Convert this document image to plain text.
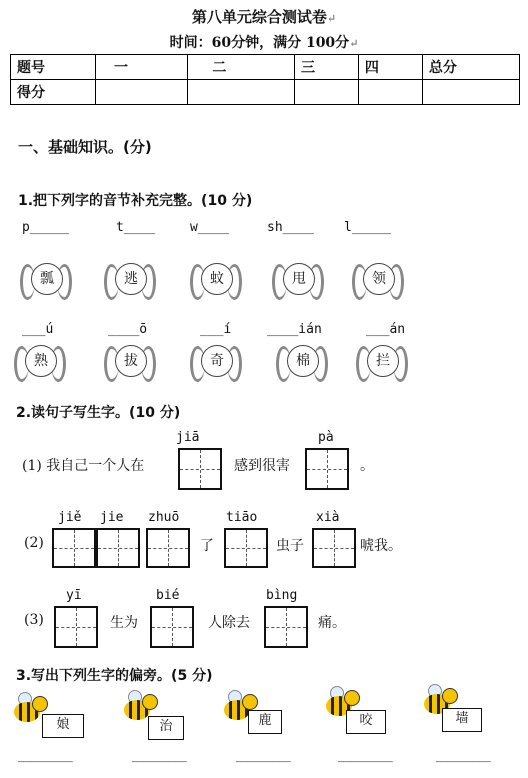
第八单元综合测试卷↵
时间：60分钟，满分 100分↵
题号	一	二	三	四	总分
得分					
一、基础知识。(分)
1.把下列字的音节补充完整。(10 分)
p_____	t____	w____	sh____ l_____
瓢	逃	蚊	甩	领
___ú	____ō	___í	____ián	___án
熟	拔	奇	棉	拦
2.读句子写生字。(10 分)
jiā	pà
(1) 我自己一个人在	感到很害	。
jiě jie zhuō	tiāo	xià
(2)	了	虫子	唬我。
yī	bié	bìng
(3)	生为	人除去	痛。
3.写出下列生字的偏旁。(5 分)
娘	治	鹿	咬	墙
_______	_______	_______	_______	_______
